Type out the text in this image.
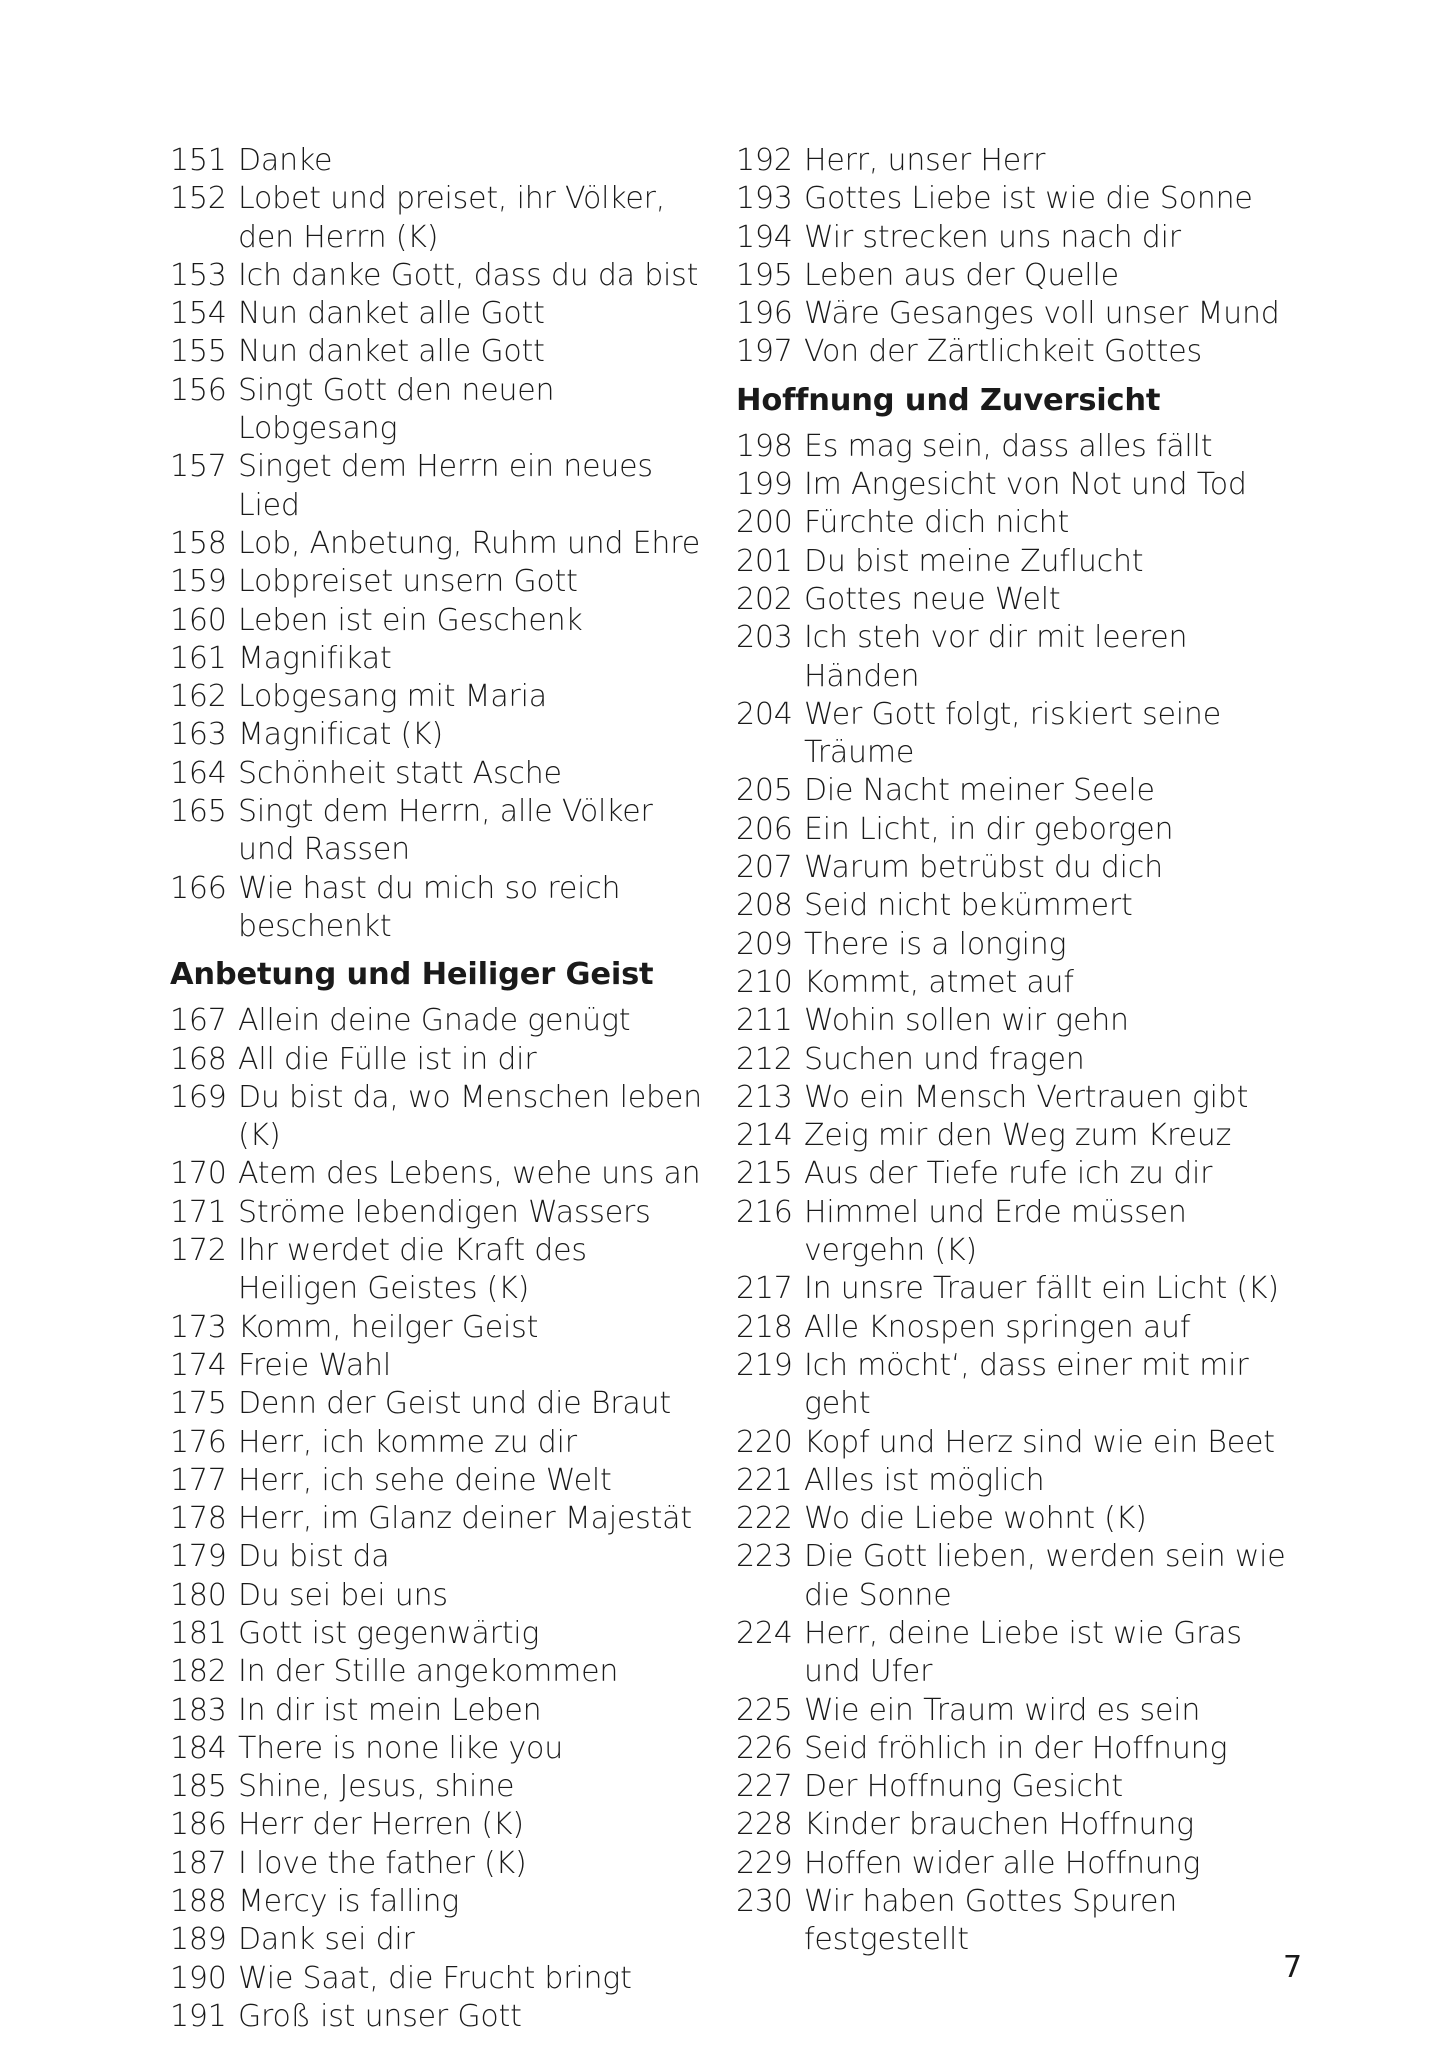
151 Danke
152 Lobet und preiset, ihr Völker, den Herrn (K)
153 Ich danke Gott, dass du da bist
154 Nun danket alle Gott
155 Nun danket alle Gott
156 Singt Gott den neuen Lobgesang
157 Singet dem Herrn ein neues Lied
158 Lob, Anbetung, Ruhm und Ehre
159 Lobpreiset unsern Gott
160 Leben ist ein Geschenk
161 Magnifikat
162 Lobgesang mit Maria
163 Magnificat (K)
164 Schönheit statt Asche
165 Singt dem Herrn, alle Völker und Rassen
166 Wie hast du mich so reich beschenkt
Anbetung und Heiliger Geist
167 Allein deine Gnade genügt
168 All die Fülle ist in dir
169 Du bist da, wo Menschen leben (K)
170 Atem des Lebens, wehe uns an
171 Ströme lebendigen Wassers
172 Ihr werdet die Kraft des Heiligen Geistes (K)
173 Komm, heilger Geist
174 Freie Wahl
175 Denn der Geist und die Braut
176 Herr, ich komme zu dir
177 Herr, ich sehe deine Welt
178 Herr, im Glanz deiner Majestät
179 Du bist da
180 Du sei bei uns
181 Gott ist gegenwärtig
182 In der Stille angekommen
183 In dir ist mein Leben
184 There is none like you
185 Shine, Jesus, shine
186 Herr der Herren (K)
187 I love the father (K)
188 Mercy is falling
189 Dank sei dir
190 Wie Saat, die Frucht bringt
191 Groß ist unser Gott
192 Herr, unser Herr
193 Gottes Liebe ist wie die Sonne
194 Wir strecken uns nach dir
195 Leben aus der Quelle
196 Wäre Gesanges voll unser Mund
197 Von der Zärtlichkeit Gottes
Hoffnung und Zuversicht
198 Es mag sein, dass alles fällt
199 Im Angesicht von Not und Tod
200 Fürchte dich nicht
201 Du bist meine Zuflucht
202 Gottes neue Welt
203 Ich steh vor dir mit leeren Händen
204 Wer Gott folgt, riskiert seine Träume
205 Die Nacht meiner Seele
206 Ein Licht, in dir geborgen
207 Warum betrübst du dich
208 Seid nicht bekümmert
209 There is a longing
210 Kommt, atmet auf
211 Wohin sollen wir gehn
212 Suchen und fragen
213 Wo ein Mensch Vertrauen gibt
214 Zeig mir den Weg zum Kreuz
215 Aus der Tiefe rufe ich zu dir
216 Himmel und Erde müssen vergehn (K)
217 In unsre Trauer fällt ein Licht (K)
218 Alle Knospen springen auf
219 Ich möcht‘, dass einer mit mir geht
220 Kopf und Herz sind wie ein Beet
221 Alles ist möglich
222 Wo die Liebe wohnt (K)
223 Die Gott lieben, werden sein wie die Sonne
224 Herr, deine Liebe ist wie Gras und Ufer
225 Wie ein Traum wird es sein
226 Seid fröhlich in der Hoffnung
227 Der Hoffnung Gesicht
228 Kinder brauchen Hoffnung
229 Hoffen wider alle Hoffnung
230 Wir haben Gottes Spuren festgestellt
7
